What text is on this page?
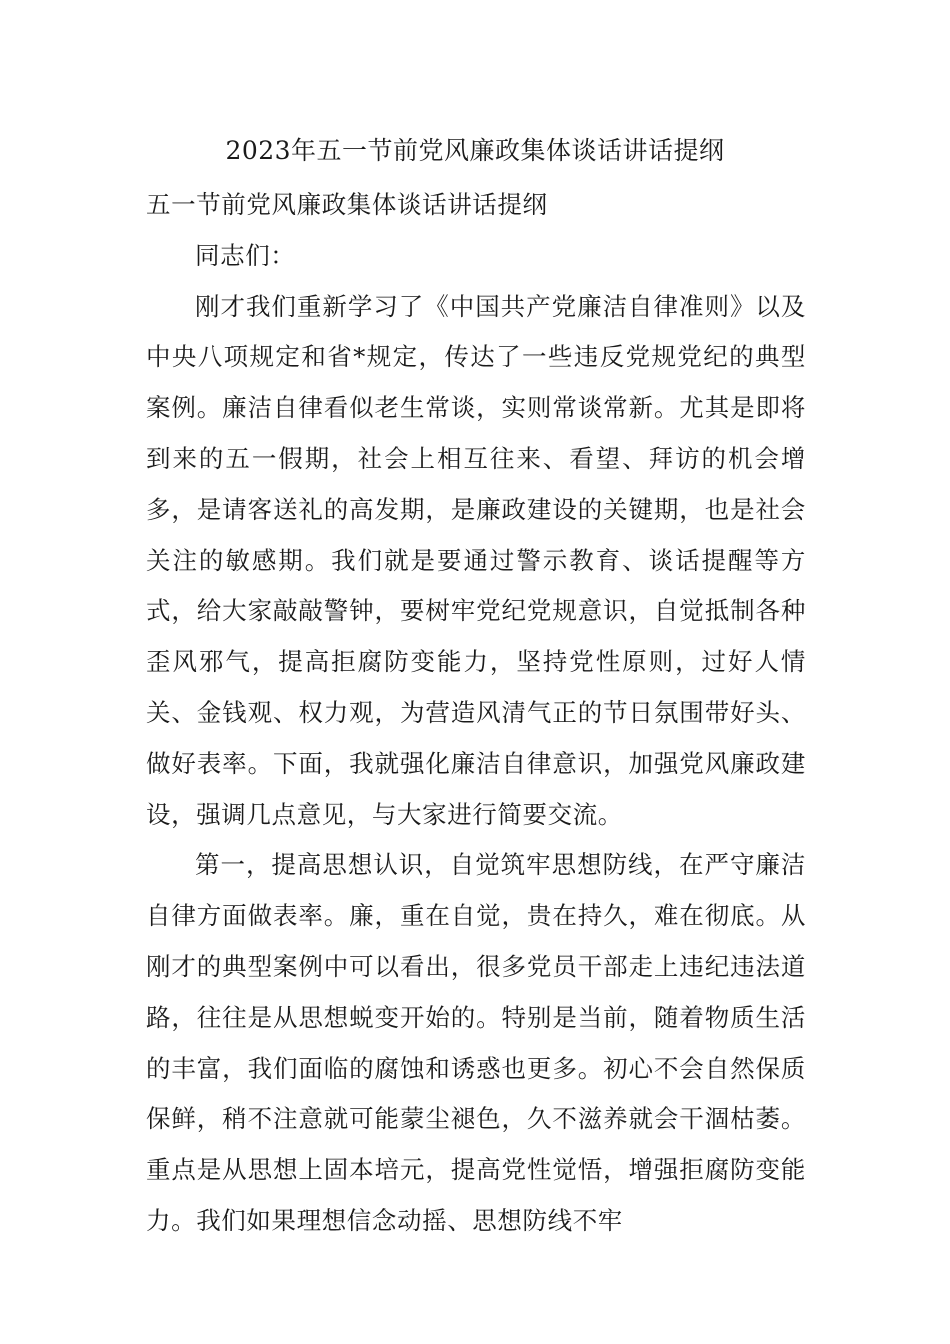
2023年五一节前党风廉政集体谈话讲话提纲

五一节前党风廉政集体谈话讲话提纲

同志们：

刚才我们重新学习了《中国共产党廉洁自律准则》以及中央八项规定和省*规定，传达了一些违反党规党纪的典型案例。廉洁自律看似老生常谈，实则常谈常新。尤其是即将到来的五一假期，社会上相互往来、看望、拜访的机会增多，是请客送礼的高发期，是廉政建设的关键期，也是社会关注的敏感期。我们就是要通过警示教育、谈话提醒等方式，给大家敲敲警钟，要树牢党纪党规意识，自觉抵制各种歪风邪气，提高拒腐防变能力，坚持党性原则，过好人情关、金钱观、权力观，为营造风清气正的节日氛围带好头、做好表率。下面，我就强化廉洁自律意识，加强党风廉政建设，强调几点意见，与大家进行简要交流。

第一，提高思想认识，自觉筑牢思想防线，在严守廉洁自律方面做表率。廉，重在自觉，贵在持久，难在彻底。从刚才的典型案例中可以看出，很多党员干部走上违纪违法道路，往往是从思想蜕变开始的。特别是当前，随着物质生活的丰富，我们面临的腐蚀和诱惑也更多。初心不会自然保质保鲜，稍不注意就可能蒙尘褪色，久不滋养就会干涸枯萎。重点是从思想上固本培元，提高党性觉悟，增强拒腐防变能力。我们如果理想信念动摇、思想防线不牢
